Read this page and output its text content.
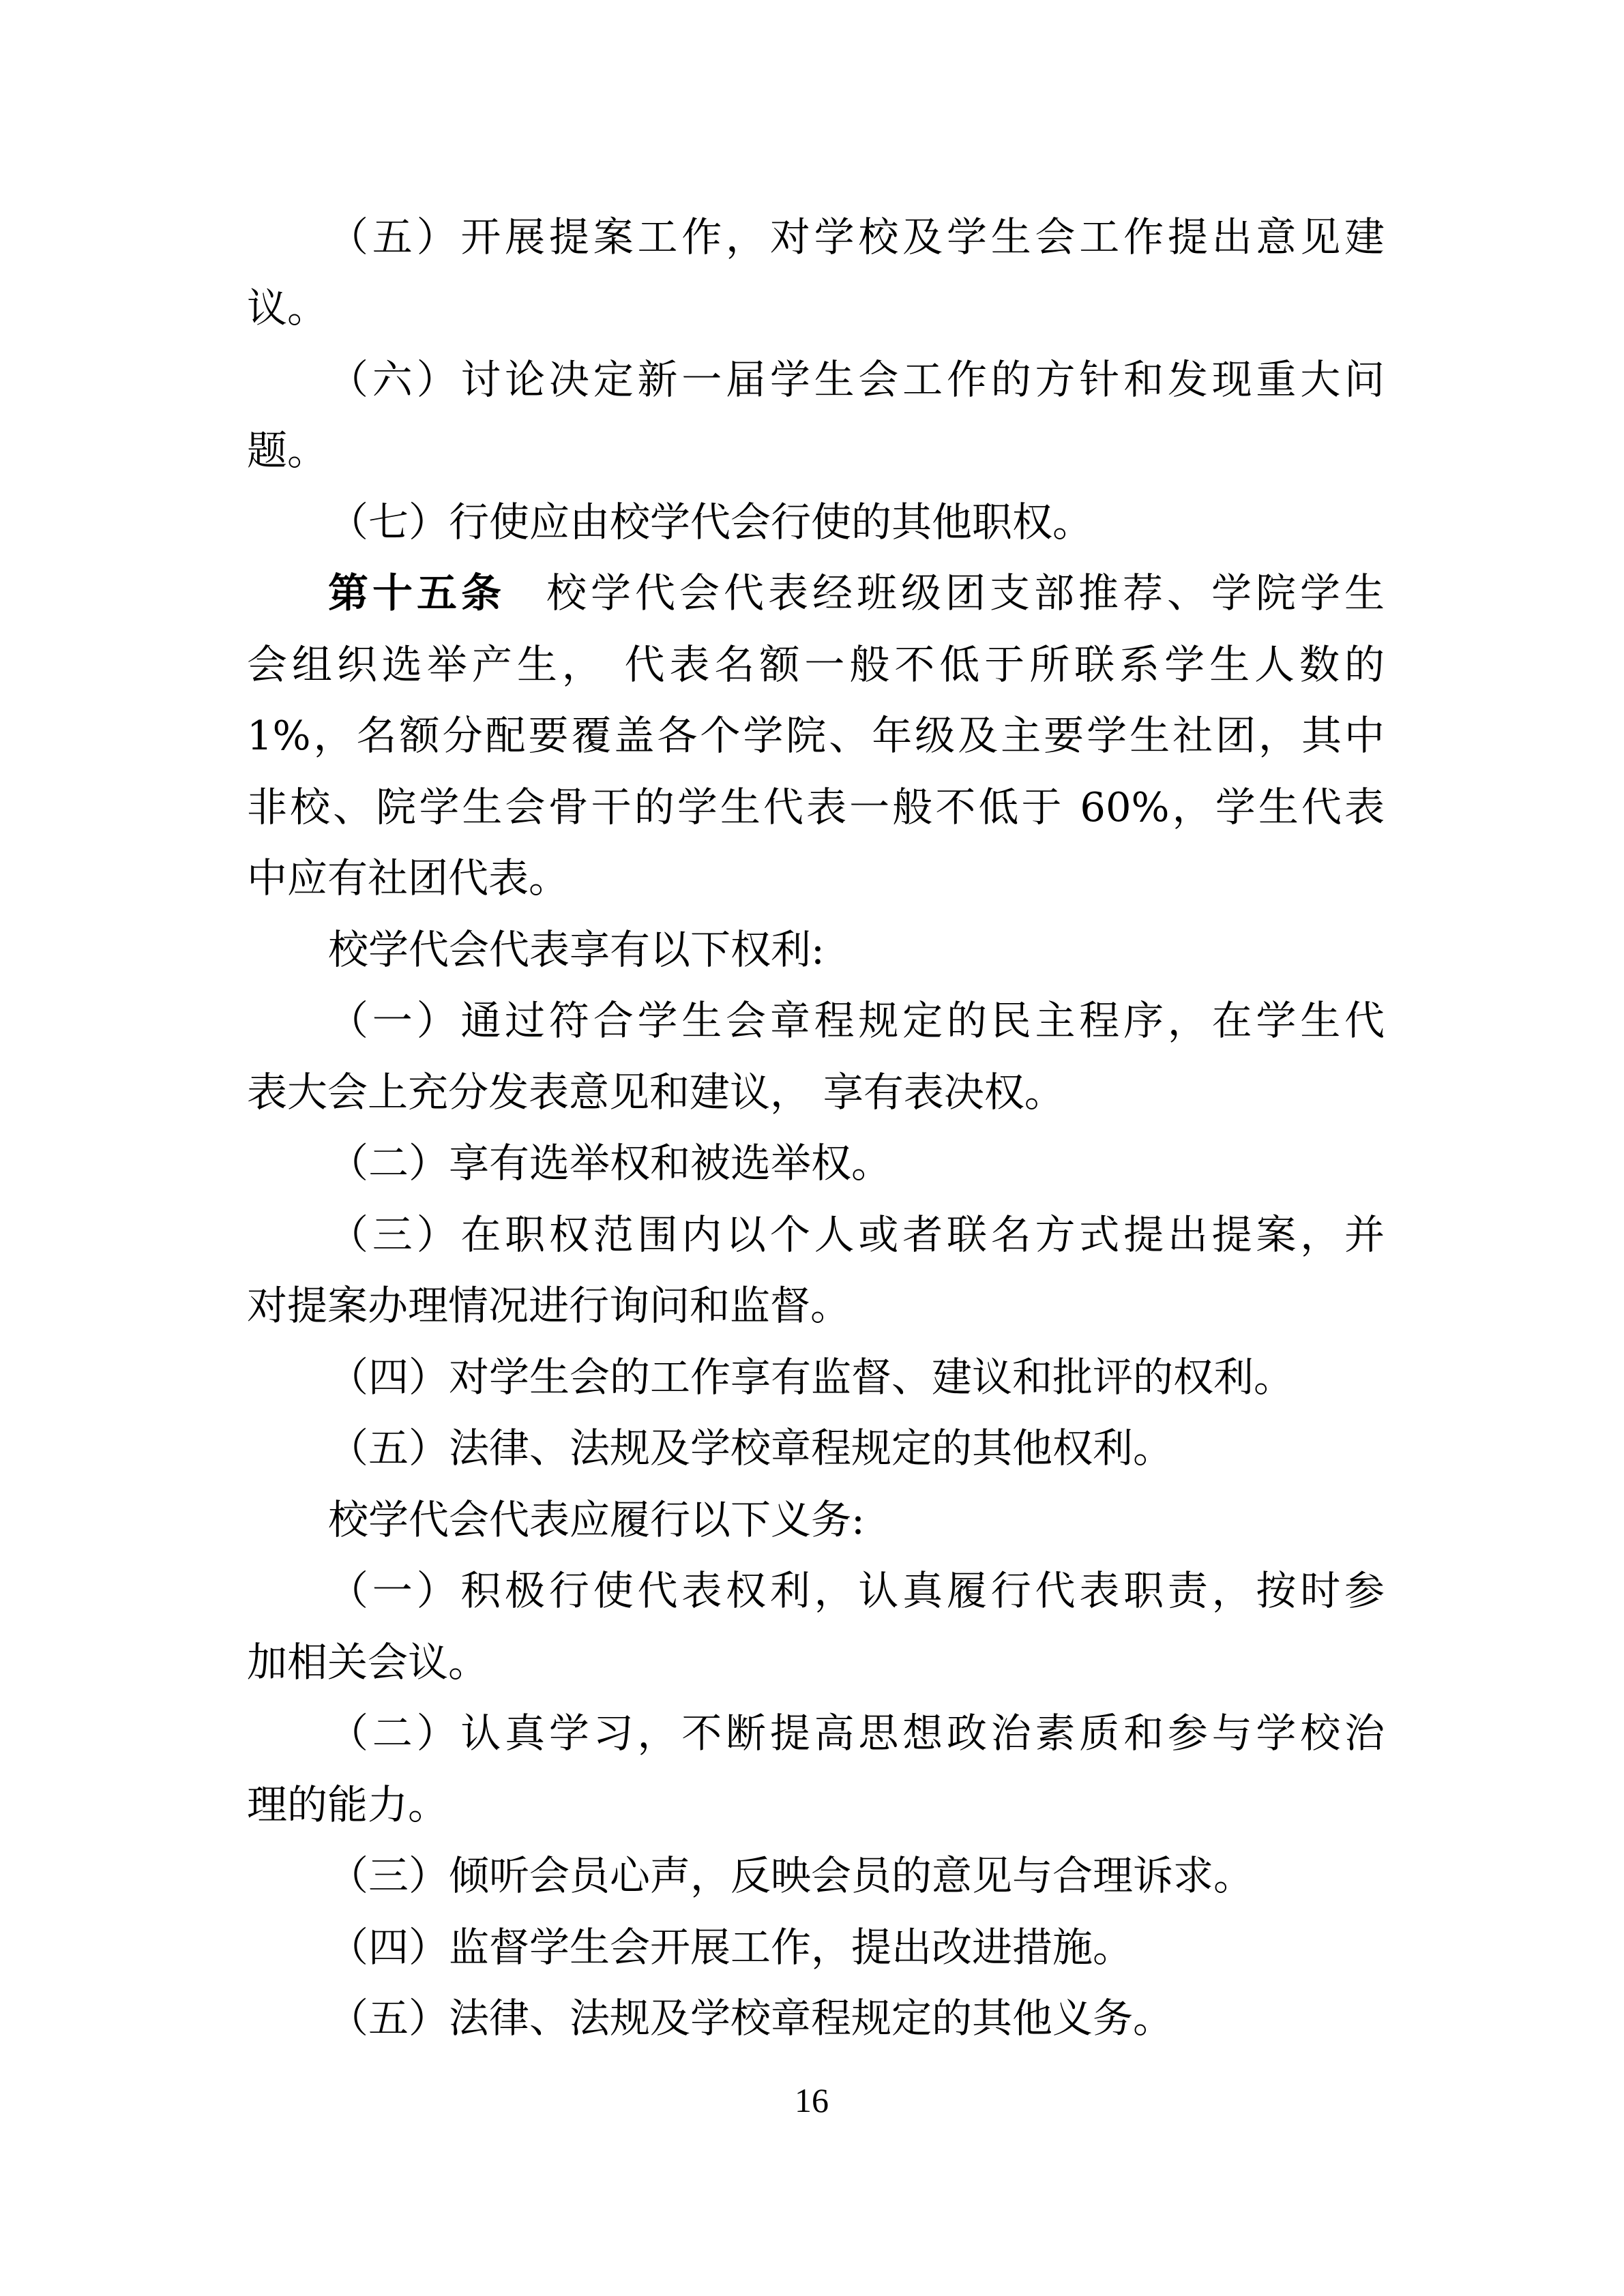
（五）开展提案工作，对学校及学生会工作提出意见建
议。
（六）讨论决定新一届学生会工作的方针和发现重大问
题。
（七）行使应由校学代会行使的其他职权。
第十五条 校学代会代表经班级团支部推荐、学院学生
会组织选举产生， 代表名额一般不低于所联系学生人数的
1%，名额分配要覆盖各个学院、年级及主要学生社团，其中
非校、院学生会骨干的学生代表一般不低于 60%，学生代表
中应有社团代表。
校学代会代表享有以下权利:
（一）通过符合学生会章程规定的民主程序，在学生代
表大会上充分发表意见和建议， 享有表决权。
（二）享有选举权和被选举权。
（三）在职权范围内以个人或者联名方式提出提案，并
对提案办理情况进行询问和监督。
（四）对学生会的工作享有监督、建议和批评的权利。
（五）法律、法规及学校章程规定的其他权利。
校学代会代表应履行以下义务:
（一）积极行使代表权利，认真履行代表职责，按时参
加相关会议。
（二）认真学习，不断提高思想政治素质和参与学校治
理的能力。
（三）倾听会员心声，反映会员的意见与合理诉求。
（四）监督学生会开展工作，提出改进措施。
（五）法律、法规及学校章程规定的其他义务。
16
